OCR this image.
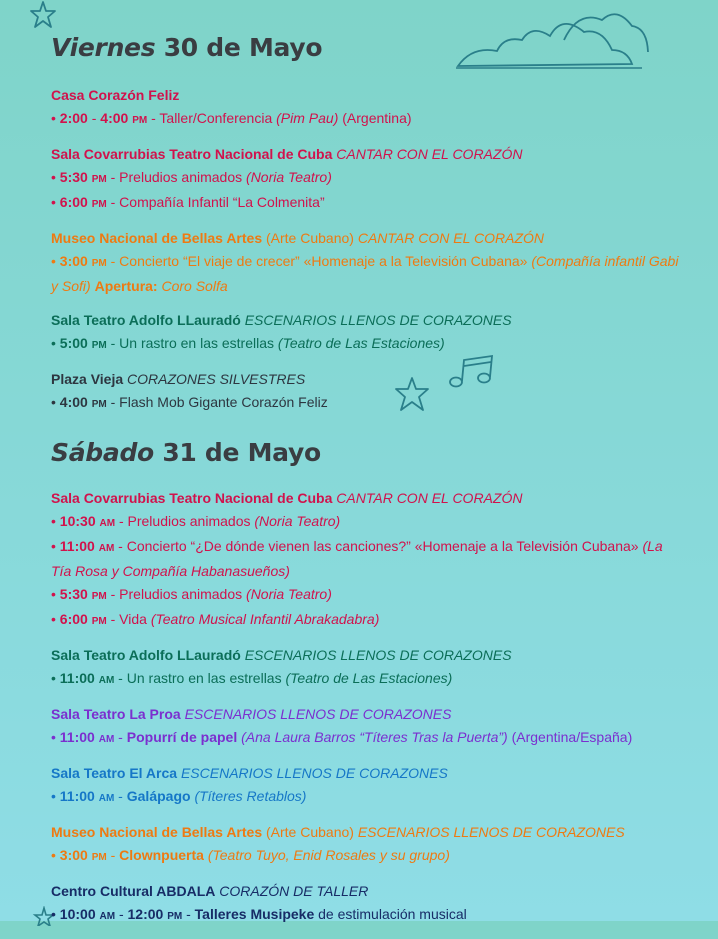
Viernes 30 de Mayo
Casa Corazón Feliz
• 2:00 - 4:00 PM - Taller/Conferencia (Pim Pau) (Argentina)
Sala Covarrubias Teatro Nacional de Cuba CANTAR CON EL CORAZÓN
• 5:30 PM - Preludios animados (Noria Teatro)
• 6:00 PM - Compañía Infantil “La Colmenita”
Museo Nacional de Bellas Artes (Arte Cubano) CANTAR CON EL CORAZÓN
• 3:00 PM - Concierto “El viaje de crecer” «Homenaje a la Televisión Cubana» (Compañía infantil Gabi y Sofi) Apertura: Coro Solfa
Sala Teatro Adolfo LLauradó ESCENARIOS LLENOS DE CORAZONES
• 5:00 PM - Un rastro en las estrellas (Teatro de Las Estaciones)
Plaza Vieja CORAZONES SILVESTRES
• 4:00 PM - Flash Mob Gigante Corazón Feliz
Sábado 31 de Mayo
Sala Covarrubias Teatro Nacional de Cuba CANTAR CON EL CORAZÓN
• 10:30 AM - Preludios animados (Noria Teatro)
• 11:00 AM - Concierto “¿De dónde vienen las canciones?” «Homenaje a la Televisión Cubana» (La Tía Rosa y Compañía Habanasueños)
• 5:30 PM - Preludios animados (Noria Teatro)
• 6:00 PM - Vida (Teatro Musical Infantil Abrakadabra)
Sala Teatro Adolfo LLauradó ESCENARIOS LLENOS DE CORAZONES
• 11:00 AM - Un rastro en las estrellas (Teatro de Las Estaciones)
Sala Teatro La Proa ESCENARIOS LLENOS DE CORAZONES
• 11:00 AM - Popurrí de papel (Ana Laura Barros “Títeres Tras la Puerta”) (Argentina/España)
Sala Teatro El Arca ESCENARIOS LLENOS DE CORAZONES
• 11:00 AM - Galápago (Títeres Retablos)
Museo Nacional de Bellas Artes (Arte Cubano) ESCENARIOS LLENOS DE CORAZONES
• 3:00 PM - Clownpuerta (Teatro Tuyo, Enid Rosales y su grupo)
Centro Cultural ABDALA CORAZÓN DE TALLER
• 10:00 AM - 12:00 PM - Talleres Musipeke de estimulación musical
